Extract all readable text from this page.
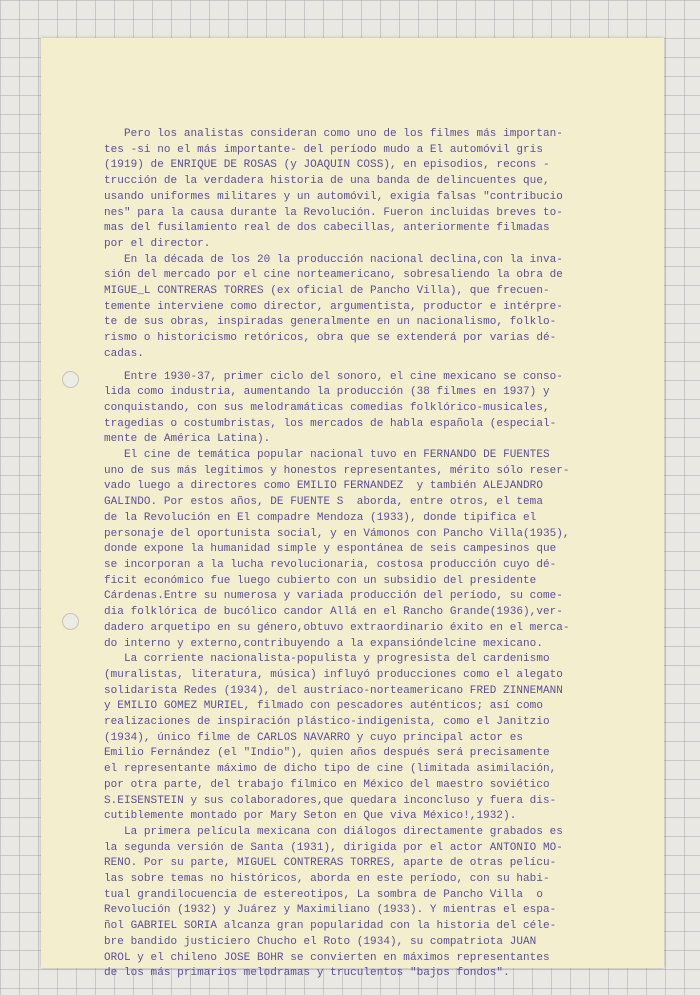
Pero los analistas consideran como uno de los filmes más importan-
tes -si no el más importante- del período mudo a El automóvil gris
(1919) de ENRIQUE DE ROSAS (y JOAQUIN COSS), en episodios, recons -
trucción de la verdadera historia de una banda de delincuentes que,
usando uniformes militares y un automóvil, exigía falsas "contribucio
nes" para la causa durante la Revolución. Fueron incluidas breves to-
mas del fusilamiento real de dos cabecillas, anteriormente filmadas
por el director.
En la década de los 20 la producción nacional declina,con la inva-
sión del mercado por el cine norteamericano, sobresaliendo la obra de
MIGUE_L CONTRERAS TORRES (ex oficial de Pancho Villa), que frecuen-
temente interviene como director, argumentista, productor e intérpre-
te de sus obras, inspiradas generalmente en un nacionalismo, folklo-
rismo o historicismo retóricos, obra que se extenderá por varias dé-
cadas.
Entre 1930-37, primer ciclo del sonoro, el cine mexicano se conso-
lida como industria, aumentando la producción (38 filmes en 1937) y
conquistando, con sus melodramáticas comedias folklórico-musicales,
tragedias o costumbristas, los mercados de habla española (especial-
mente de América Latina).
El cine de temática popular nacional tuvo en FERNANDO DE FUENTES
uno de sus más legítimos y honestos representantes, mérito sólo reser-
vado luego a directores como EMILIO FERNANDEZ  y también ALEJANDRO
GALINDO. Por estos años, DE FUENTE S  aborda, entre otros, el tema
de la Revolución en El compadre Mendoza (1933), donde tipifica el
personaje del oportunista social, y en Vámonos con Pancho Villa(1935),
donde expone la humanidad simple y espontánea de seis campesinos que
se incorporan a la lucha revolucionaria, costosa producción cuyo dé-
ficit económico fue luego cubierto con un subsidio del presidente
Cárdenas.Entre su numerosa y variada producción del período, su come-
dia folklórica de bucólico candor Allá en el Rancho Grande(1936),ver-
dadero arquetipo en su género,obtuvo extraordinario éxito en el merca-
do interno y externo,contribuyendo a la expansióndelcine mexicano.
La corriente nacionalista-populista y progresista del cardenismo
(muralistas, literatura, música) influyó producciones como el alegato
solidarista Redes (1934), del austríaco-norteamericano FRED ZINNEMANN
y EMILIO GOMEZ MURIEL, filmado con pescadores auténticos; así como
realizaciones de inspiración plástico-indigenista, como el Janitzio
(1934), único filme de CARLOS NAVARRO y cuyo principal actor es
Emilio Fernández (el "Indio"), quien años después será precisamente
el representante máximo de dicho tipo de cine (limitada asimilación,
por otra parte, del trabajo fílmico en México del maestro soviético
S.EISENSTEIN y sus colaboradores,que quedara inconcluso y fuera dis-
cutiblemente montado por Mary Seton en Que viva México!,1932).
La primera película mexicana con diálogos directamente grabados es
la segunda versión de Santa (1931), dirigida por el actor ANTONIO MO-
RENO. Por su parte, MIGUEL CONTRERAS TORRES, aparte de otras pelícu-
las sobre temas no históricos, aborda en este período, con su habi-
tual grandilocuencia de estereotipos, La sombra de Pancho Villa  o
Revolución (1932) y Juárez y Maximiliano (1933). Y mientras el espa-
ñol GABRIEL SORIA alcanza gran popularidad con la historia del céle-
bre bandido justiciero Chucho el Roto (1934), su compatriota JUAN
OROL y el chileno JOSE BOHR se convierten en máximos representantes
de los más primarios melodramas y truculentos "bajos fondos".
